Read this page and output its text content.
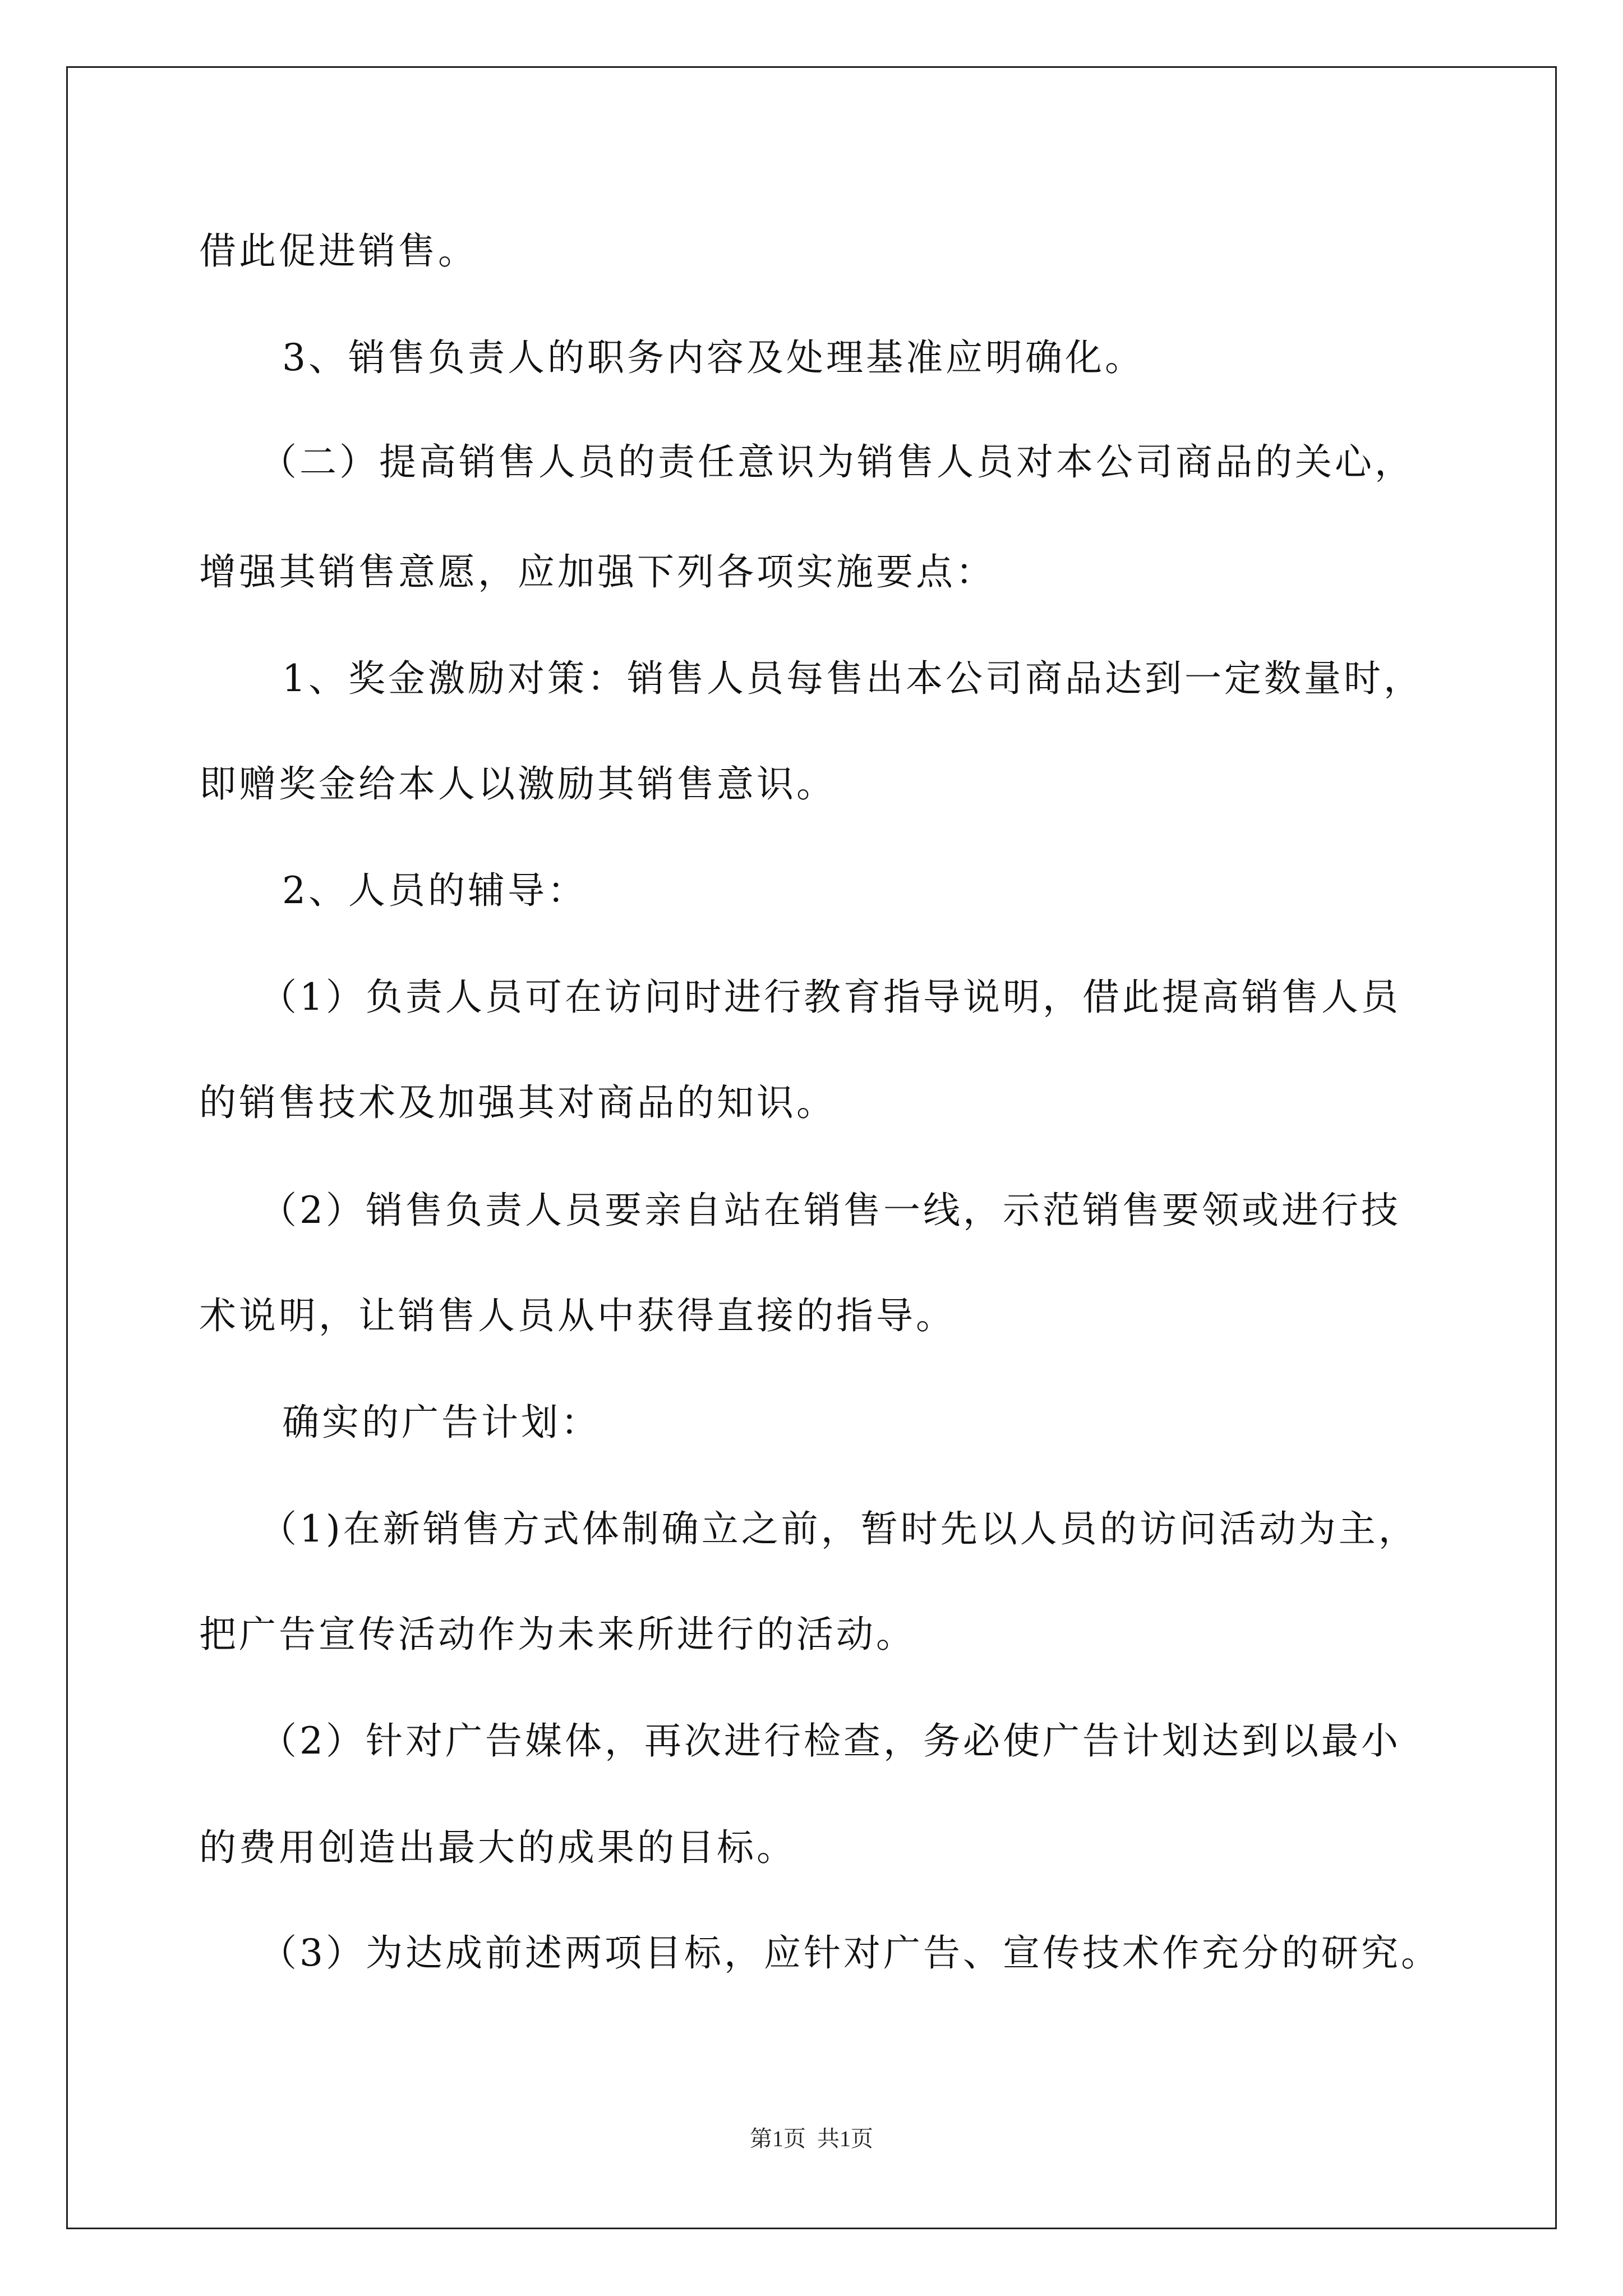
借此促进销售。
3、销售负责人的职务内容及处理基准应明确化。
（二）提高销售人员的责任意识为销售人员对本公司商品的关心，
增强其销售意愿，应加强下列各项实施要点：
1、奖金激励对策：销售人员每售出本公司商品达到一定数量时，
即赠奖金给本人以激励其销售意识。
2、人员的辅导：
（1）负责人员可在访问时进行教育指导说明，借此提高销售人员
的销售技术及加强其对商品的知识。
（2）销售负责人员要亲自站在销售一线，示范销售要领或进行技
术说明，让销售人员从中获得直接的指导。
确实的广告计划：
（1)在新销售方式体制确立之前，暂时先以人员的访问活动为主，
把广告宣传活动作为未来所进行的活动。
（2）针对广告媒体，再次进行检查，务必使广告计划达到以最小
的费用创造出最大的成果的目标。
（3）为达成前述两项目标，应针对广告、宣传技术作充分的研究。
第1页 共1页
